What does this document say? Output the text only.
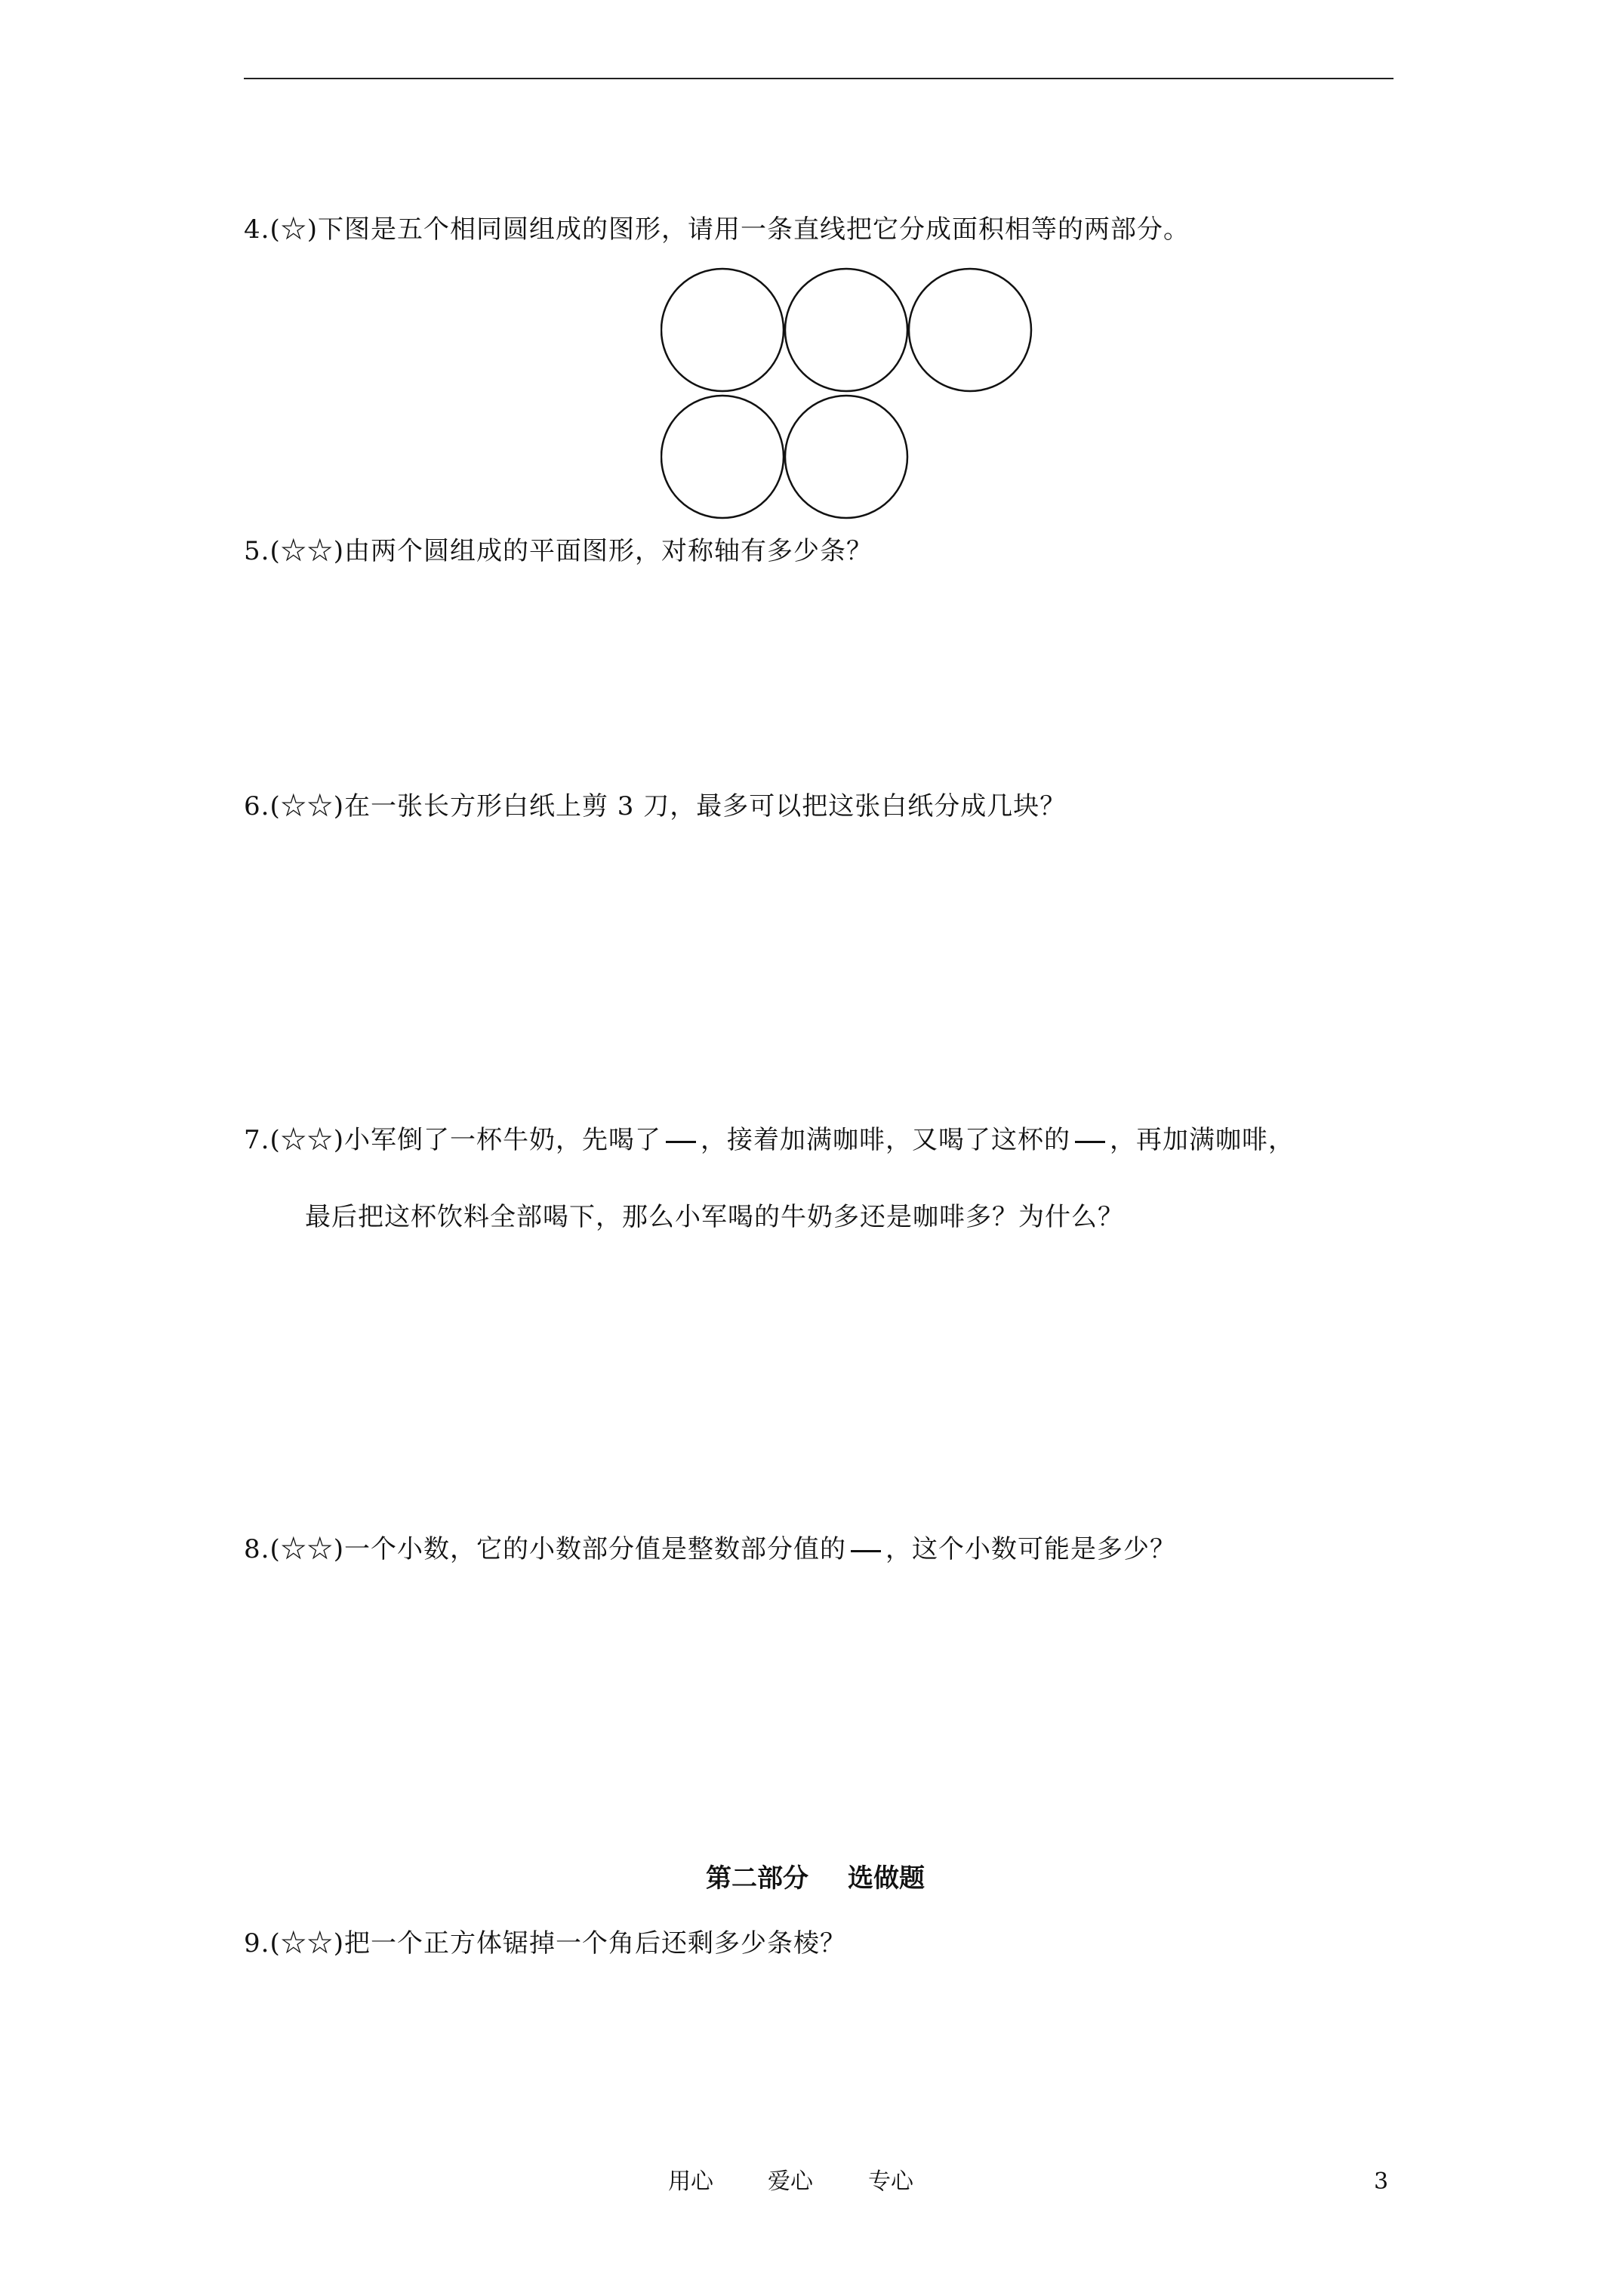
4.(☆)下图是五个相同圆组成的图形，请用一条直线把它分成面积相等的两部分。
5.(☆☆)由两个圆组成的平面图形，对称轴有多少条？
6.(☆☆)在一张长方形白纸上剪 3 刀，最多可以把这张白纸分成几块？
7.(☆☆)小军倒了一杯牛奶，先喝了 ，接着加满咖啡，又喝了这杯的 ，再加满咖啡，
最后把这杯饮料全部喝下，那么小军喝的牛奶多还是咖啡多？为什么？
8.(☆☆)一个小数，它的小数部分值是整数部分值的 ，这个小数可能是多少？
第二部分 选做题
9.(☆☆)把一个正方体锯掉一个角后还剩多少条棱？
用心 爱心 专心	3
